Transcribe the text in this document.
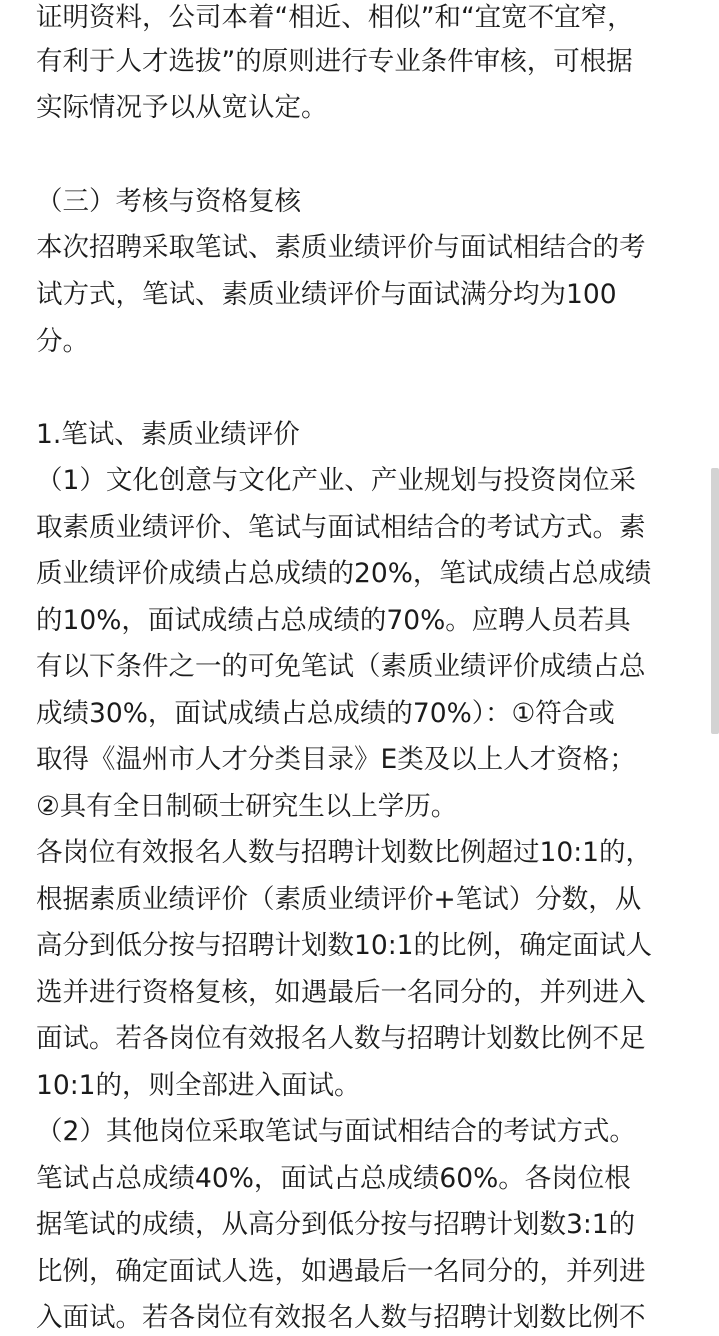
证明资料，公司本着“相近、相似”和“宜宽不宜窄，
有利于人才选拔”的原则进行专业条件审核，可根据
实际情况予以从宽认定。
（三）考核与资格复核
本次招聘采取笔试、素质业绩评价与面试相结合的考
试方式，笔试、素质业绩评价与面试满分均为100
分。
1.笔试、素质业绩评价
（1）文化创意与文化产业、产业规划与投资岗位采
取素质业绩评价、笔试与面试相结合的考试方式。素
质业绩评价成绩占总成绩的20%，笔试成绩占总成绩
的10%，面试成绩占总成绩的70%。应聘人员若具
有以下条件之一的可免笔试（素质业绩评价成绩占总
成绩30%，面试成绩占总成绩的70%）：①符合或
取得《温州市人才分类目录》E类及以上人才资格；
②具有全日制硕士研究生以上学历。
各岗位有效报名人数与招聘计划数比例超过10:1的，
根据素质业绩评价（素质业绩评价+笔试）分数，从
高分到低分按与招聘计划数10:1的比例，确定面试人
选并进行资格复核，如遇最后一名同分的，并列进入
面试。若各岗位有效报名人数与招聘计划数比例不足
10:1的，则全部进入面试。
（2）其他岗位采取笔试与面试相结合的考试方式。
笔试占总成绩40%，面试占总成绩60%。各岗位根
据笔试的成绩，从高分到低分按与招聘计划数3:1的
比例，确定面试人选，如遇最后一名同分的，并列进
入面试。若各岗位有效报名人数与招聘计划数比例不
